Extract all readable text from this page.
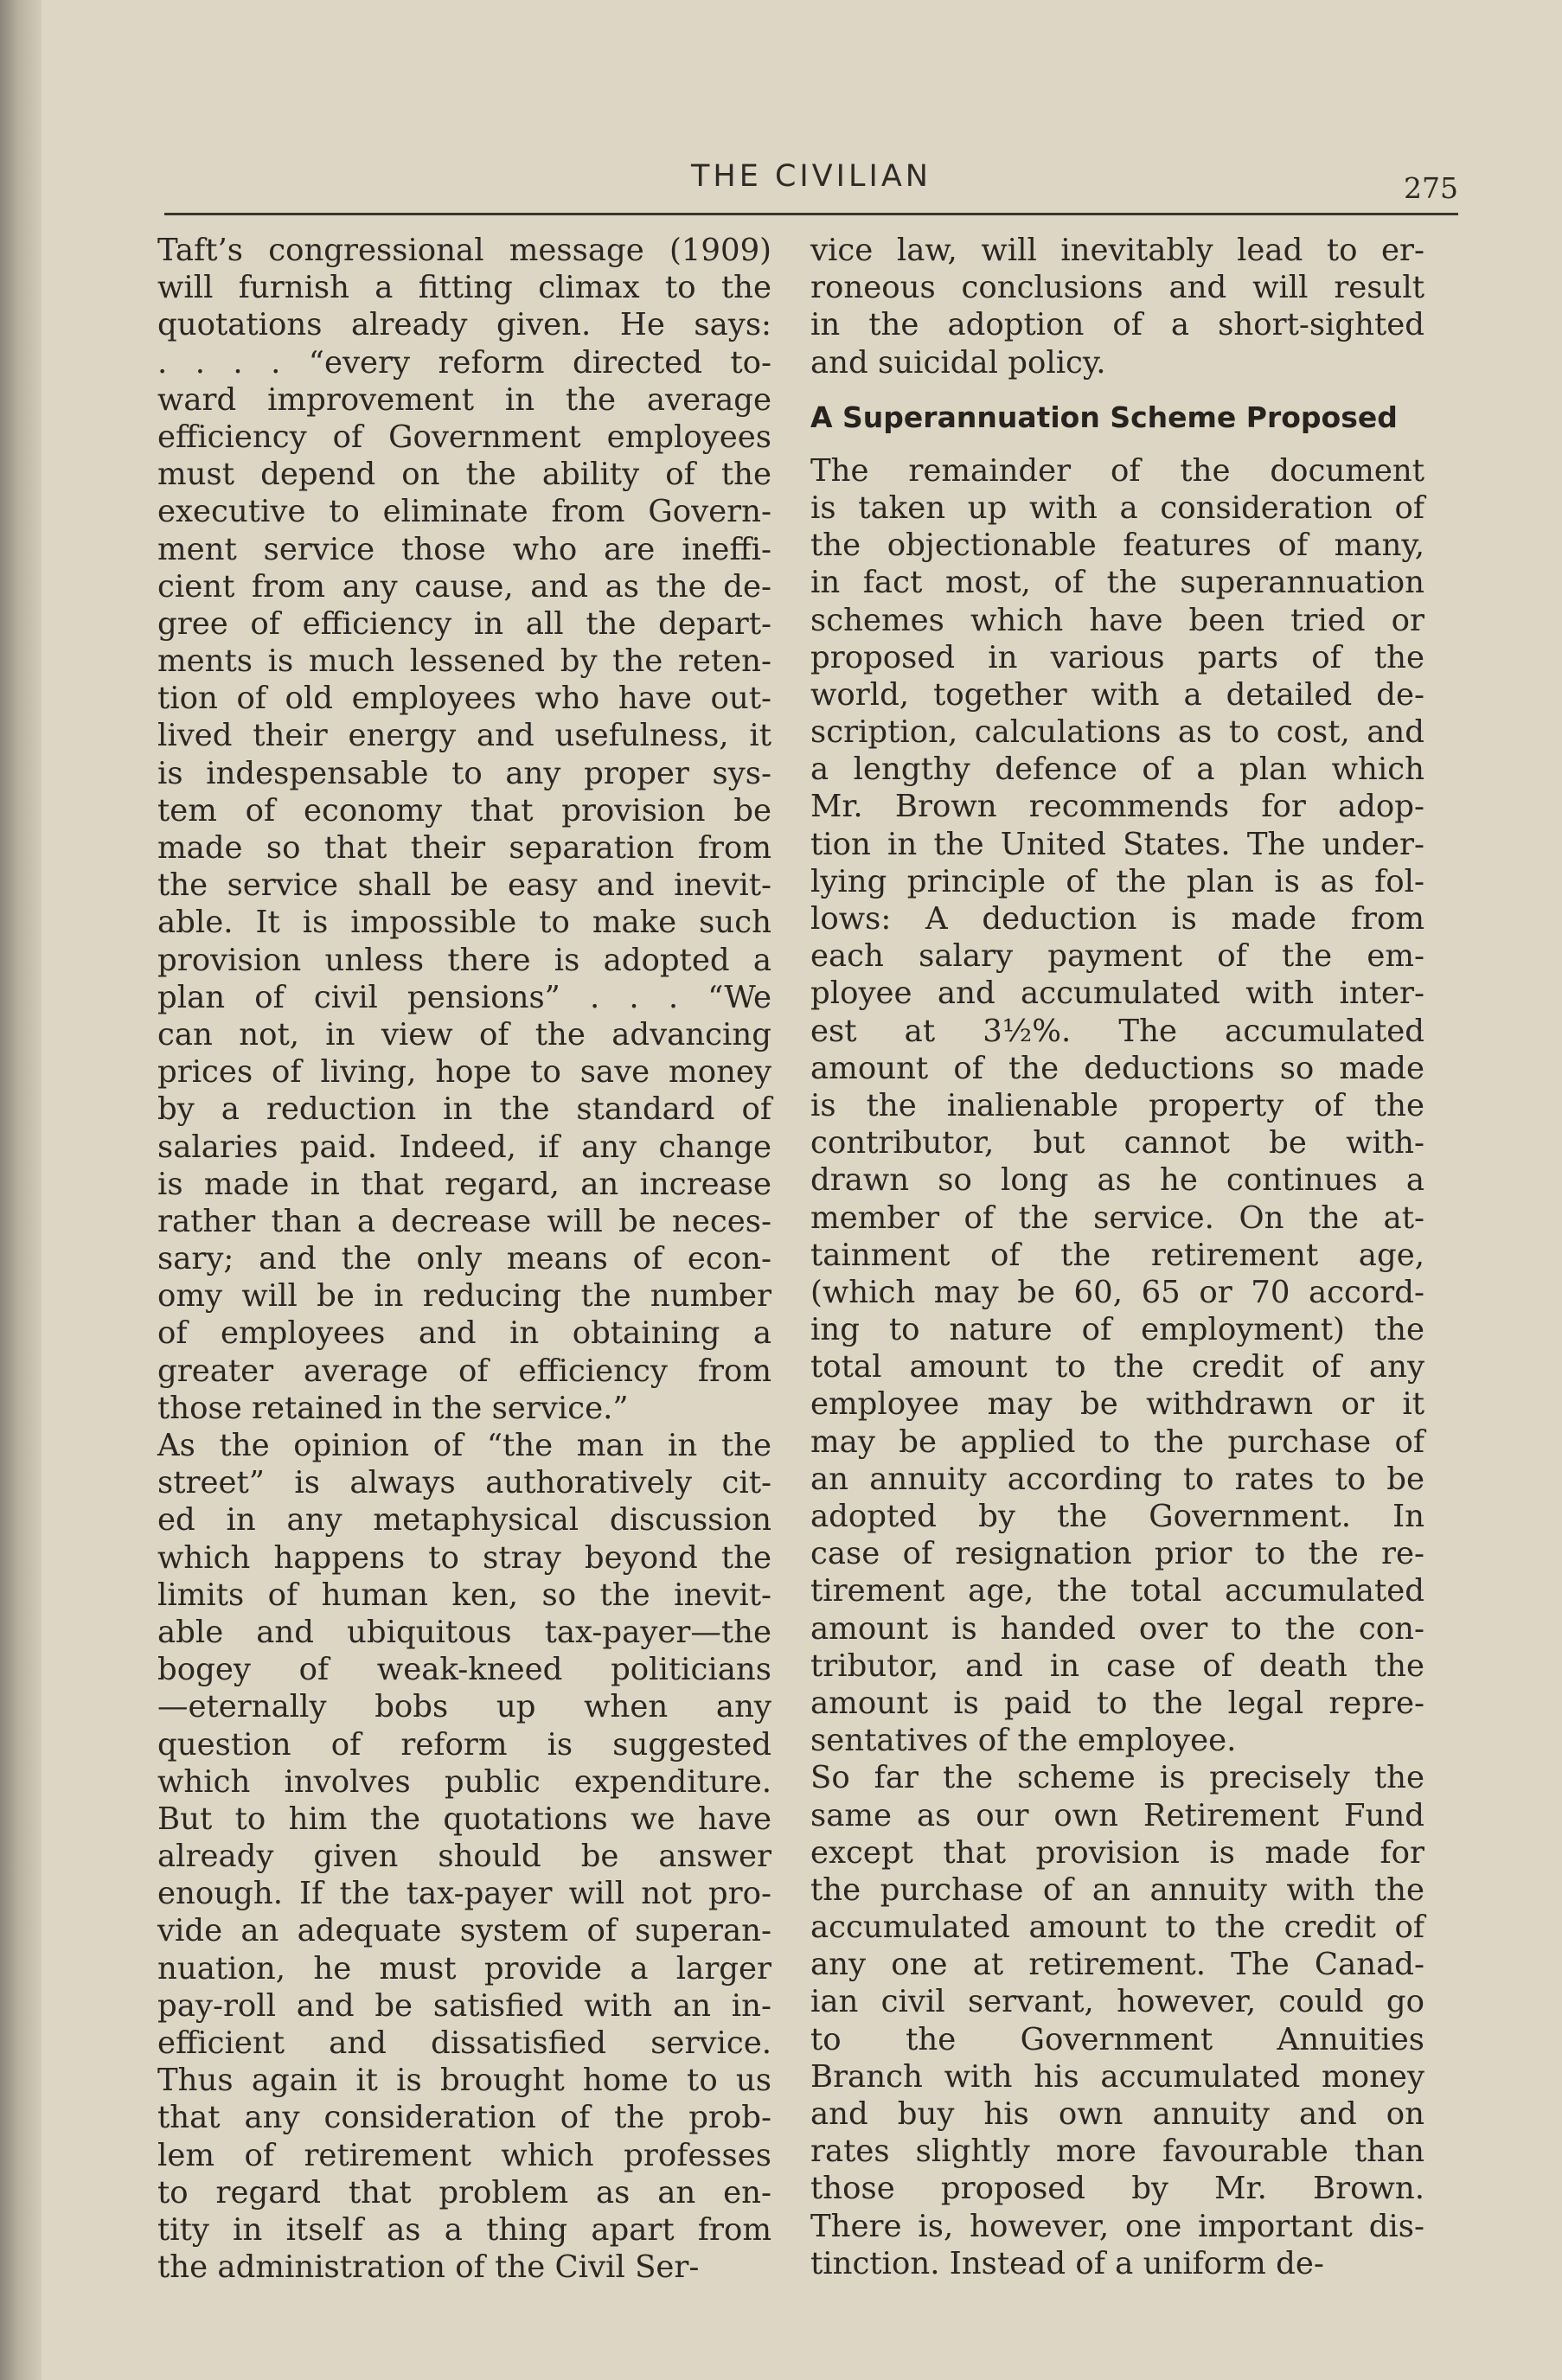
THE CIVILIAN	275
Taft’s congressional message (1909)
will furnish a fitting climax to the
quotations already given. He says:
. . . . “every reform directed to-
ward improvement in the average
efficiency of Government employees
must depend on the ability of the
executive to eliminate from Govern-
ment service those who are ineffi-
cient from any cause, and as the de-
gree of efficiency in all the depart-
ments is much lessened by the reten-
tion of old employees who have out-
lived their energy and usefulness, it
is indespensable to any proper sys-
tem of economy that provision be
made so that their separation from
the service shall be easy and inevit-
able. It is impossible to make such
provision unless there is adopted a
plan of civil pensions” . . . “We
can not, in view of the advancing
prices of living, hope to save money
by a reduction in the standard of
salaries paid. Indeed, if any change
is made in that regard, an increase
rather than a decrease will be neces-
sary; and the only means of econ-
omy will be in reducing the number
of employees and in obtaining a
greater average of efficiency from
those retained in the service.”
As the opinion of “the man in the
street” is always authoratively cit-
ed in any metaphysical discussion
which happens to stray beyond the
limits of human ken, so the inevit-
able and ubiquitous tax-payer—the
bogey of weak-kneed politicians
—eternally bobs up when any
question of reform is suggested
which involves public expenditure.
But to him the quotations we have
already given should be answer
enough. If the tax-payer will not pro-
vide an adequate system of superan-
nuation, he must provide a larger
pay-roll and be satisfied with an in-
efficient and dissatisfied service.
Thus again it is brought home to us
that any consideration of the prob-
lem of retirement which professes
to regard that problem as an en-
tity in itself as a thing apart from
the administration of the Civil Ser-
vice law, will inevitably lead to er-
roneous conclusions and will result
in the adoption of a short-sighted
and suicidal policy.
A Superannuation Scheme Proposed
The remainder of the document
is taken up with a consideration of
the objectionable features of many,
in fact most, of the superannuation
schemes which have been tried or
proposed in various parts of the
world, together with a detailed de-
scription, calculations as to cost, and
a lengthy defence of a plan which
Mr. Brown recommends for adop-
tion in the United States. The under-
lying principle of the plan is as fol-
lows: A deduction is made from
each salary payment of the em-
ployee and accumulated with inter-
est at 3½%. The accumulated
amount of the deductions so made
is the inalienable property of the
contributor, but cannot be with-
drawn so long as he continues a
member of the service. On the at-
tainment of the retirement age,
(which may be 60, 65 or 70 accord-
ing to nature of employment) the
total amount to the credit of any
employee may be withdrawn or it
may be applied to the purchase of
an annuity according to rates to be
adopted by the Government. In
case of resignation prior to the re-
tirement age, the total accumulated
amount is handed over to the con-
tributor, and in case of death the
amount is paid to the legal repre-
sentatives of the employee.
So far the scheme is precisely the
same as our own Retirement Fund
except that provision is made for
the purchase of an annuity with the
accumulated amount to the credit of
any one at retirement. The Canad-
ian civil servant, however, could go
to the Government Annuities
Branch with his accumulated money
and buy his own annuity and on
rates slightly more favourable than
those proposed by Mr. Brown.
There is, however, one important dis-
tinction. Instead of a uniform de-
